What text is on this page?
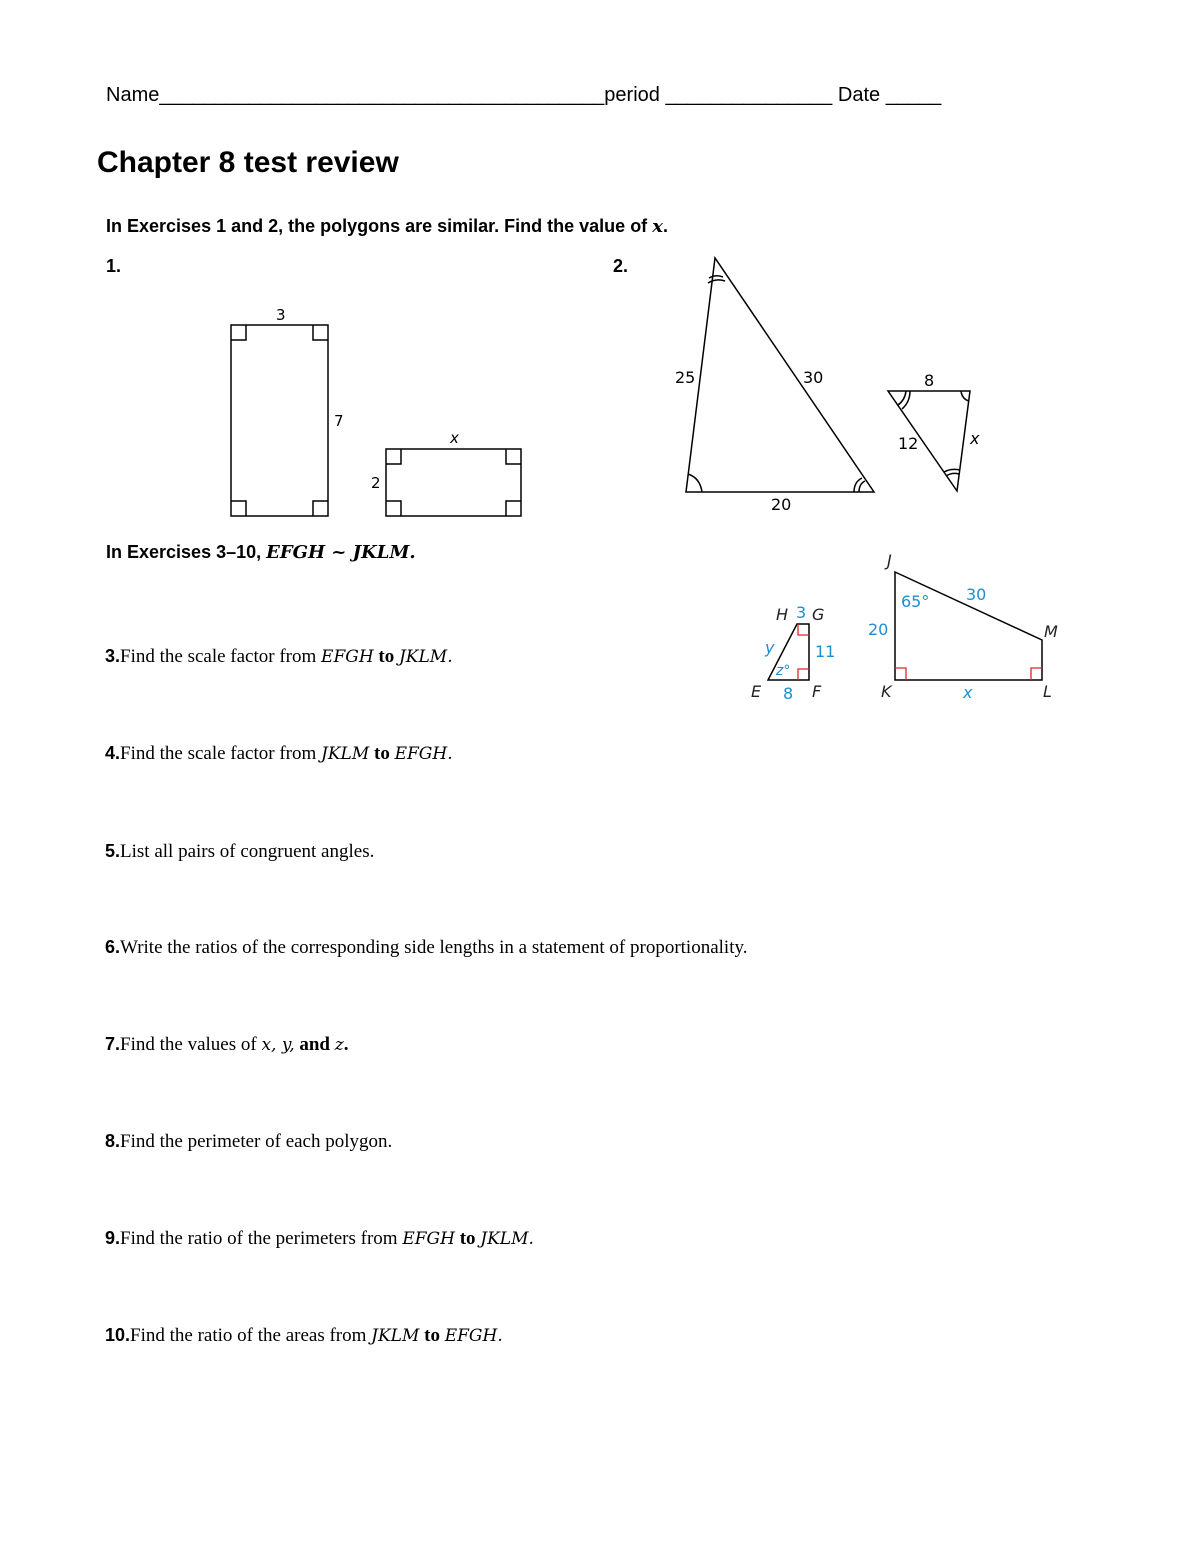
Name________________________________________period _______________ Date _____
Chapter 8 test review
In Exercises 1 and 2, the polygons are similar. Find the value of x.
1.	2.
3
7
x
2
25	30
20
8
12	x
In Exercises 3–10, EFGH ~ JKLM.
H 3 G
y	11
z°
E 8 F
J
65° 30
M
20
K	x	L
3.Find the scale factor from EFGH to JKLM.
4.Find the scale factor from JKLM to EFGH.
5.List all pairs of congruent angles.
6.Write the ratios of the corresponding side lengths in a statement of proportionality.
7.Find the values of x, y, and z.
8.Find the perimeter of each polygon.
9.Find the ratio of the perimeters from EFGH to JKLM.
10.Find the ratio of the areas from JKLM to EFGH.
